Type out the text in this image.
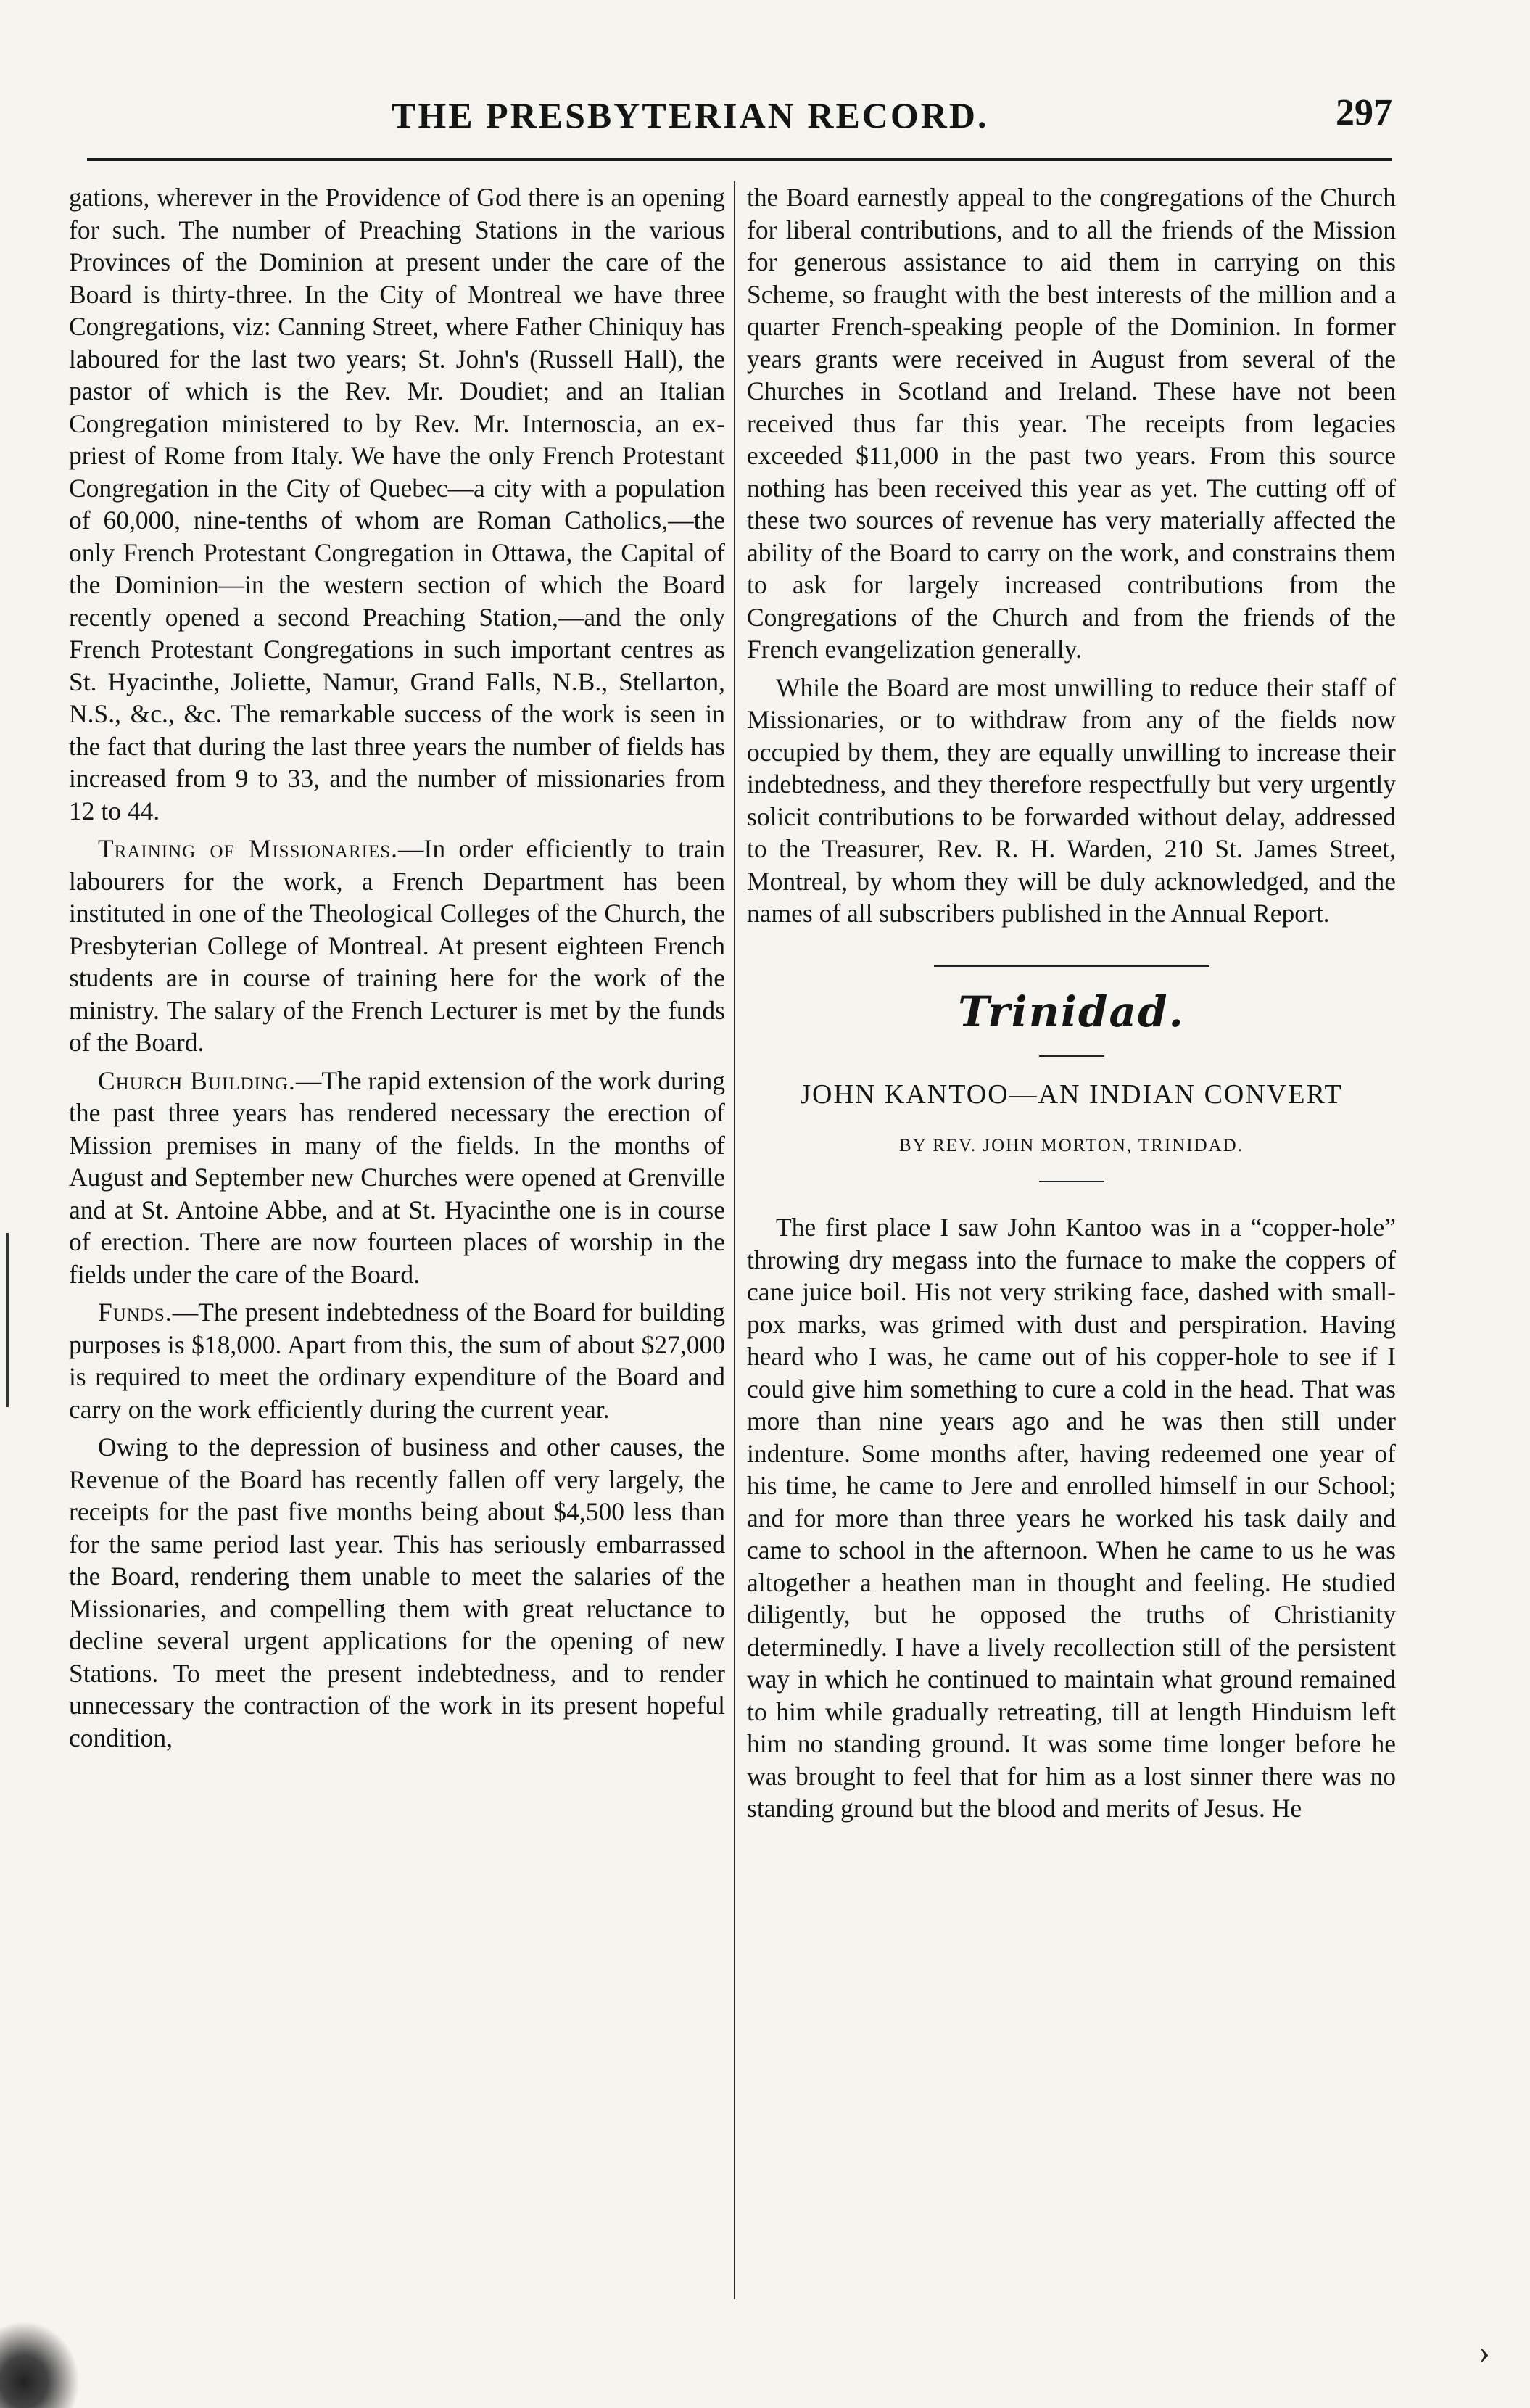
THE PRESBYTERIAN RECORD.	297

gations, wherever in the Providence of God there is an opening for such. The number of Preaching Stations in the various Provinces of the Dominion at present under the care of the Board is thirty-three. In the City of Montreal we have three Congregations, viz: Canning Street, where Father Chiniquy has laboured for the last two years; St. John's (Russell Hall), the pastor of which is the Rev. Mr. Doudiet; and an Italian Congregation ministered to by Rev. Mr. Internoscia, an ex-priest of Rome from Italy. We have the only French Protestant Congregation in the City of Quebec—a city with a population of 60,000, nine-tenths of whom are Roman Catholics,—the only French Protestant Congregation in Ottawa, the Capital of the Dominion—in the western section of which the Board recently opened a second Preaching Station,—and the only French Protestant Congregations in such important centres as St. Hyacinthe, Joliette, Namur, Grand Falls, N.B., Stellarton, N.S., &c., &c. The remarkable success of the work is seen in the fact that during the last three years the number of fields has increased from 9 to 33, and the number of missionaries from 12 to 44.

Training of Missionaries.—In order efficiently to train labourers for the work, a French Department has been instituted in one of the Theological Colleges of the Church, the Presbyterian College of Montreal. At present eighteen French students are in course of training here for the work of the ministry. The salary of the French Lecturer is met by the funds of the Board.

Church Building.—The rapid extension of the work during the past three years has rendered necessary the erection of Mission premises in many of the fields. In the months of August and September new Churches were opened at Grenville and at St. Antoine Abbe, and at St. Hyacinthe one is in course of erection. There are now fourteen places of worship in the fields under the care of the Board.

Funds.—The present indebtedness of the Board for building purposes is $18,000. Apart from this, the sum of about $27,000 is required to meet the ordinary expenditure of the Board and carry on the work efficiently during the current year.

Owing to the depression of business and other causes, the Revenue of the Board has recently fallen off very largely, the receipts for the past five months being about $4,500 less than for the same period last year. This has seriously embarrassed the Board, rendering them unable to meet the salaries of the Missionaries, and compelling them with great reluctance to decline several urgent applications for the opening of new Stations. To meet the present indebtedness, and to render unnecessary the contraction of the work in its present hopeful condition,

the Board earnestly appeal to the congregations of the Church for liberal contributions, and to all the friends of the Mission for generous assistance to aid them in carrying on this Scheme, so fraught with the best interests of the million and a quarter French-speaking people of the Dominion. In former years grants were received in August from several of the Churches in Scotland and Ireland. These have not been received thus far this year. The receipts from legacies exceeded $11,000 in the past two years. From this source nothing has been received this year as yet. The cutting off of these two sources of revenue has very materially affected the ability of the Board to carry on the work, and constrains them to ask for largely increased contributions from the Congregations of the Church and from the friends of the French evangelization generally.

While the Board are most unwilling to reduce their staff of Missionaries, or to withdraw from any of the fields now occupied by them, they are equally unwilling to increase their indebtedness, and they therefore respectfully but very urgently solicit contributions to be forwarded without delay, addressed to the Treasurer, Rev. R. H. Warden, 210 St. James Street, Montreal, by whom they will be duly acknowledged, and the names of all subscribers published in the Annual Report.

Trinidad.
JOHN KANTOO—AN INDIAN CONVERT
BY REV. JOHN MORTON, TRINIDAD.

The first place I saw John Kantoo was in a “copper-hole” throwing dry megass into the furnace to make the coppers of cane juice boil. His not very striking face, dashed with small-pox marks, was grimed with dust and perspiration. Having heard who I was, he came out of his copper-hole to see if I could give him something to cure a cold in the head. That was more than nine years ago and he was then still under indenture. Some months after, having redeemed one year of his time, he came to Jere and enrolled himself in our School; and for more than three years he worked his task daily and came to school in the afternoon. When he came to us he was altogether a heathen man in thought and feeling. He studied diligently, but he opposed the truths of Christianity determinedly. I have a lively recollection still of the persistent way in which he continued to maintain what ground remained to him while gradually retreating, till at length Hinduism left him no standing ground. It was some time longer before he was brought to feel that for him as a lost sinner there was no standing ground but the blood and merits of Jesus. He

›
